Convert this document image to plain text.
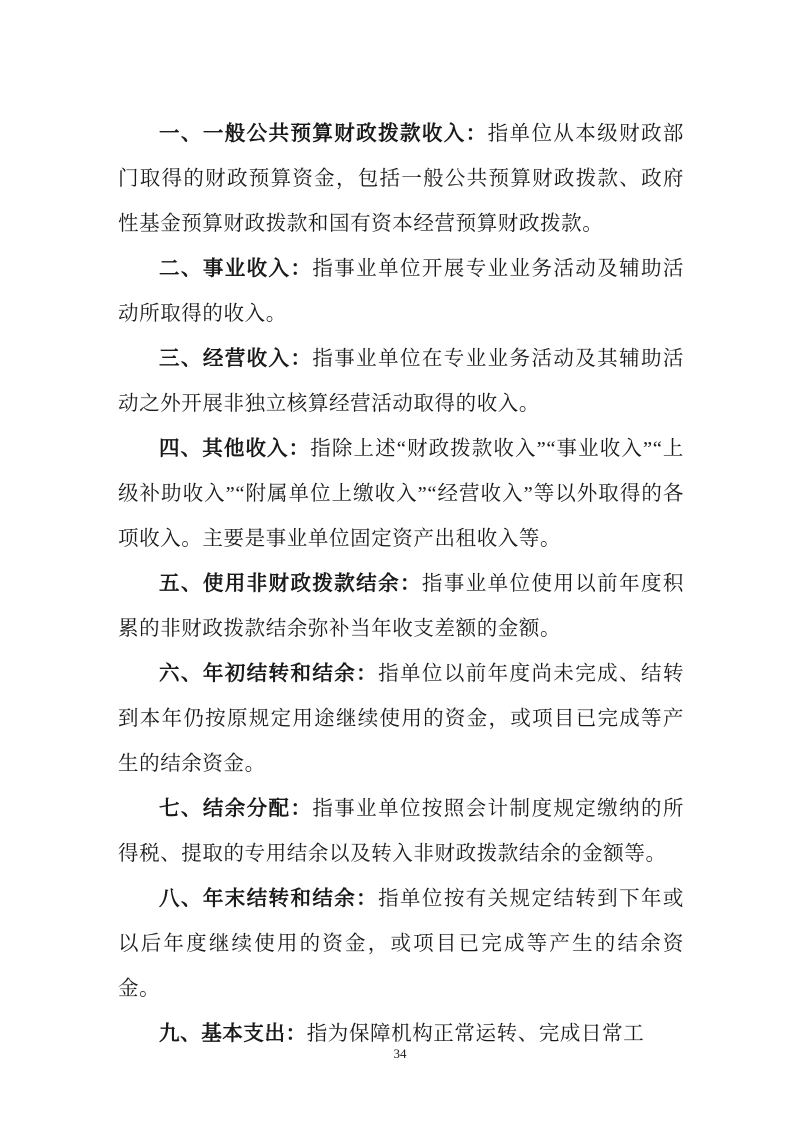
一、一般公共预算财政拨款收入：指单位从本级财政部门取得的财政预算资金，包括一般公共预算财政拨款、政府性基金预算财政拨款和国有资本经营预算财政拨款。

二、事业收入：指事业单位开展专业业务活动及辅助活动所取得的收入。

三、经营收入：指事业单位在专业业务活动及其辅助活动之外开展非独立核算经营活动取得的收入。

四、其他收入：指除上述“财政拨款收入”“事业收入”“上级补助收入”“附属单位上缴收入”“经营收入”等以外取得的各项收入。主要是事业单位固定资产出租收入等。

五、使用非财政拨款结余：指事业单位使用以前年度积累的非财政拨款结余弥补当年收支差额的金额。

六、年初结转和结余：指单位以前年度尚未完成、结转到本年仍按原规定用途继续使用的资金，或项目已完成等产生的结余资金。

七、结余分配：指事业单位按照会计制度规定缴纳的所得税、提取的专用结余以及转入非财政拨款结余的金额等。

八、年末结转和结余：指单位按有关规定结转到下年或以后年度继续使用的资金，或项目已完成等产生的结余资金。

九、基本支出：指为保障机构正常运转、完成日常工

34
